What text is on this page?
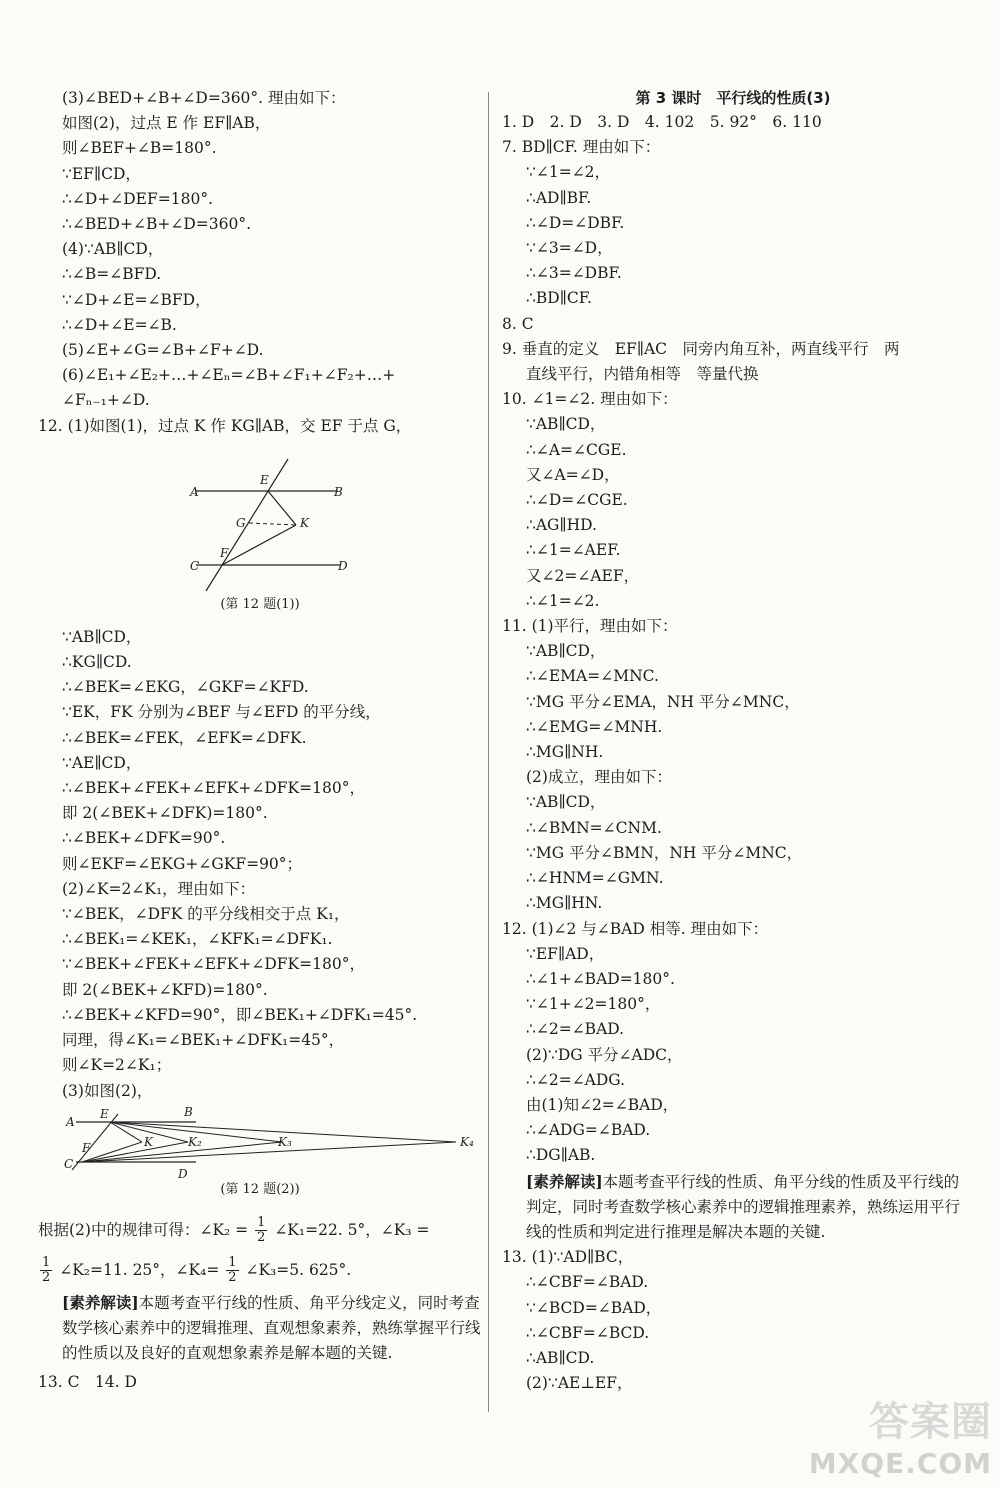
(3)∠BED+∠B+∠D=360°. 理由如下：
如图(2)，过点 E 作 EF∥AB，
则∠BEF+∠B=180°.
∵EF∥CD，
∴∠D+∠DEF=180°.
∴∠BED+∠B+∠D=360°.
(4)∵AB∥CD，
∴∠B=∠BFD.
∵∠D+∠E=∠BFD，
∴∠D+∠E=∠B.
(5)∠E+∠G=∠B+∠F+∠D.
(6)∠E₁+∠E₂+…+∠Eₙ=∠B+∠F₁+∠F₂+…+
∠Fₙ₋₁+∠D.
12. (1)如图(1)，过点 K 作 KG∥AB，交 EF 于点 G，
A
E
B
G	K
C
F
D
(第 12 题(1))
∵AB∥CD，
∴KG∥CD.
∴∠BEK=∠EKG，∠GKF=∠KFD.
∵EK，FK 分别为∠BEF 与∠EFD 的平分线，
∴∠BEK=∠FEK，∠EFK=∠DFK.
∵AE∥CD，
∴∠BEK+∠FEK+∠EFK+∠DFK=180°，
即 2(∠BEK+∠DFK)=180°.
∴∠BEK+∠DFK=90°.
则∠EKF=∠EKG+∠GKF=90°；
(2)∠K=2∠K₁，理由如下：
∵∠BEK，∠DFK 的平分线相交于点 K₁，
∴∠BEK₁=∠KEK₁，∠KFK₁=∠DFK₁.
∵∠BEK+∠FEK+∠EFK+∠DFK=180°，
即 2(∠BEK+∠KFD)=180°.
∴∠BEK+∠KFD=90°，即∠BEK₁+∠DFK₁=45°.
同理，得∠K₁=∠BEK₁+∠DFK₁=45°，
则∠K=2∠K₁；
(3)如图(2)，
A
E	B
F
C
D
K	K₂	K₃	K₄
(第 12 题(2))
根据(2)中的规律可得：∠K₂ = $\frac{1}{2}$ ∠K₁=22. 5°，∠K₃ =
$\frac{1}{2}$ ∠K₂=11. 25°，∠K₄= $\frac{1}{2}$ ∠K₃=5. 625°.
[素养解读]本题考查平行线的性质、角平分线定义，同时考查数学核心素养中的逻辑推理、直观想象素养，熟练掌握平行线的性质以及良好的直观想象素养是解本题的关键.
13. C　14. D
第 3 课时　平行线的性质(3)
1. D　2. D　3. D　4. 102　5. 92°　6. 110
7. BD∥CF. 理由如下：
∵∠1=∠2，
∴AD∥BF.
∴∠D=∠DBF.
∵∠3=∠D，
∴∠3=∠DBF.
∴BD∥CF.
8. C
9. 垂直的定义　EF∥AC　同旁内角互补，两直线平行　两
直线平行，内错角相等　等量代换
10. ∠1=∠2. 理由如下：
∵AB∥CD，
∴∠A=∠CGE.
又∠A=∠D，
∴∠D=∠CGE.
∴AG∥HD.
∴∠1=∠AEF.
又∠2=∠AEF，
∴∠1=∠2.
11. (1)平行，理由如下：
∵AB∥CD，
∴∠EMA=∠MNC.
∵MG 平分∠EMA，NH 平分∠MNC，
∴∠EMG=∠MNH.
∴MG∥NH.
(2)成立，理由如下：
∵AB∥CD，
∴∠BMN=∠CNM.
∵MG 平分∠BMN，NH 平分∠MNC，
∴∠HNM=∠GMN.
∴MG∥HN.
12. (1)∠2 与∠BAD 相等. 理由如下：
∵EF∥AD，
∴∠1+∠BAD=180°.
∵∠1+∠2=180°，
∴∠2=∠BAD.
(2)∵DG 平分∠ADC，
∴∠2=∠ADG.
由(1)知∠2=∠BAD，
∴∠ADG=∠BAD.
∴DG∥AB.
[素养解读]本题考查平行线的性质、角平分线的性质及平行线的判定，同时考查数学核心素养中的逻辑推理素养，熟练运用平行线的性质和判定进行推理是解决本题的关键.
13. (1)∵AD∥BC，
∴∠CBF=∠BAD.
∵∠BCD=∠BAD，
∴∠CBF=∠BCD.
∴AB∥CD.
(2)∵AE⊥EF，
答案圈
MXQE.COM
